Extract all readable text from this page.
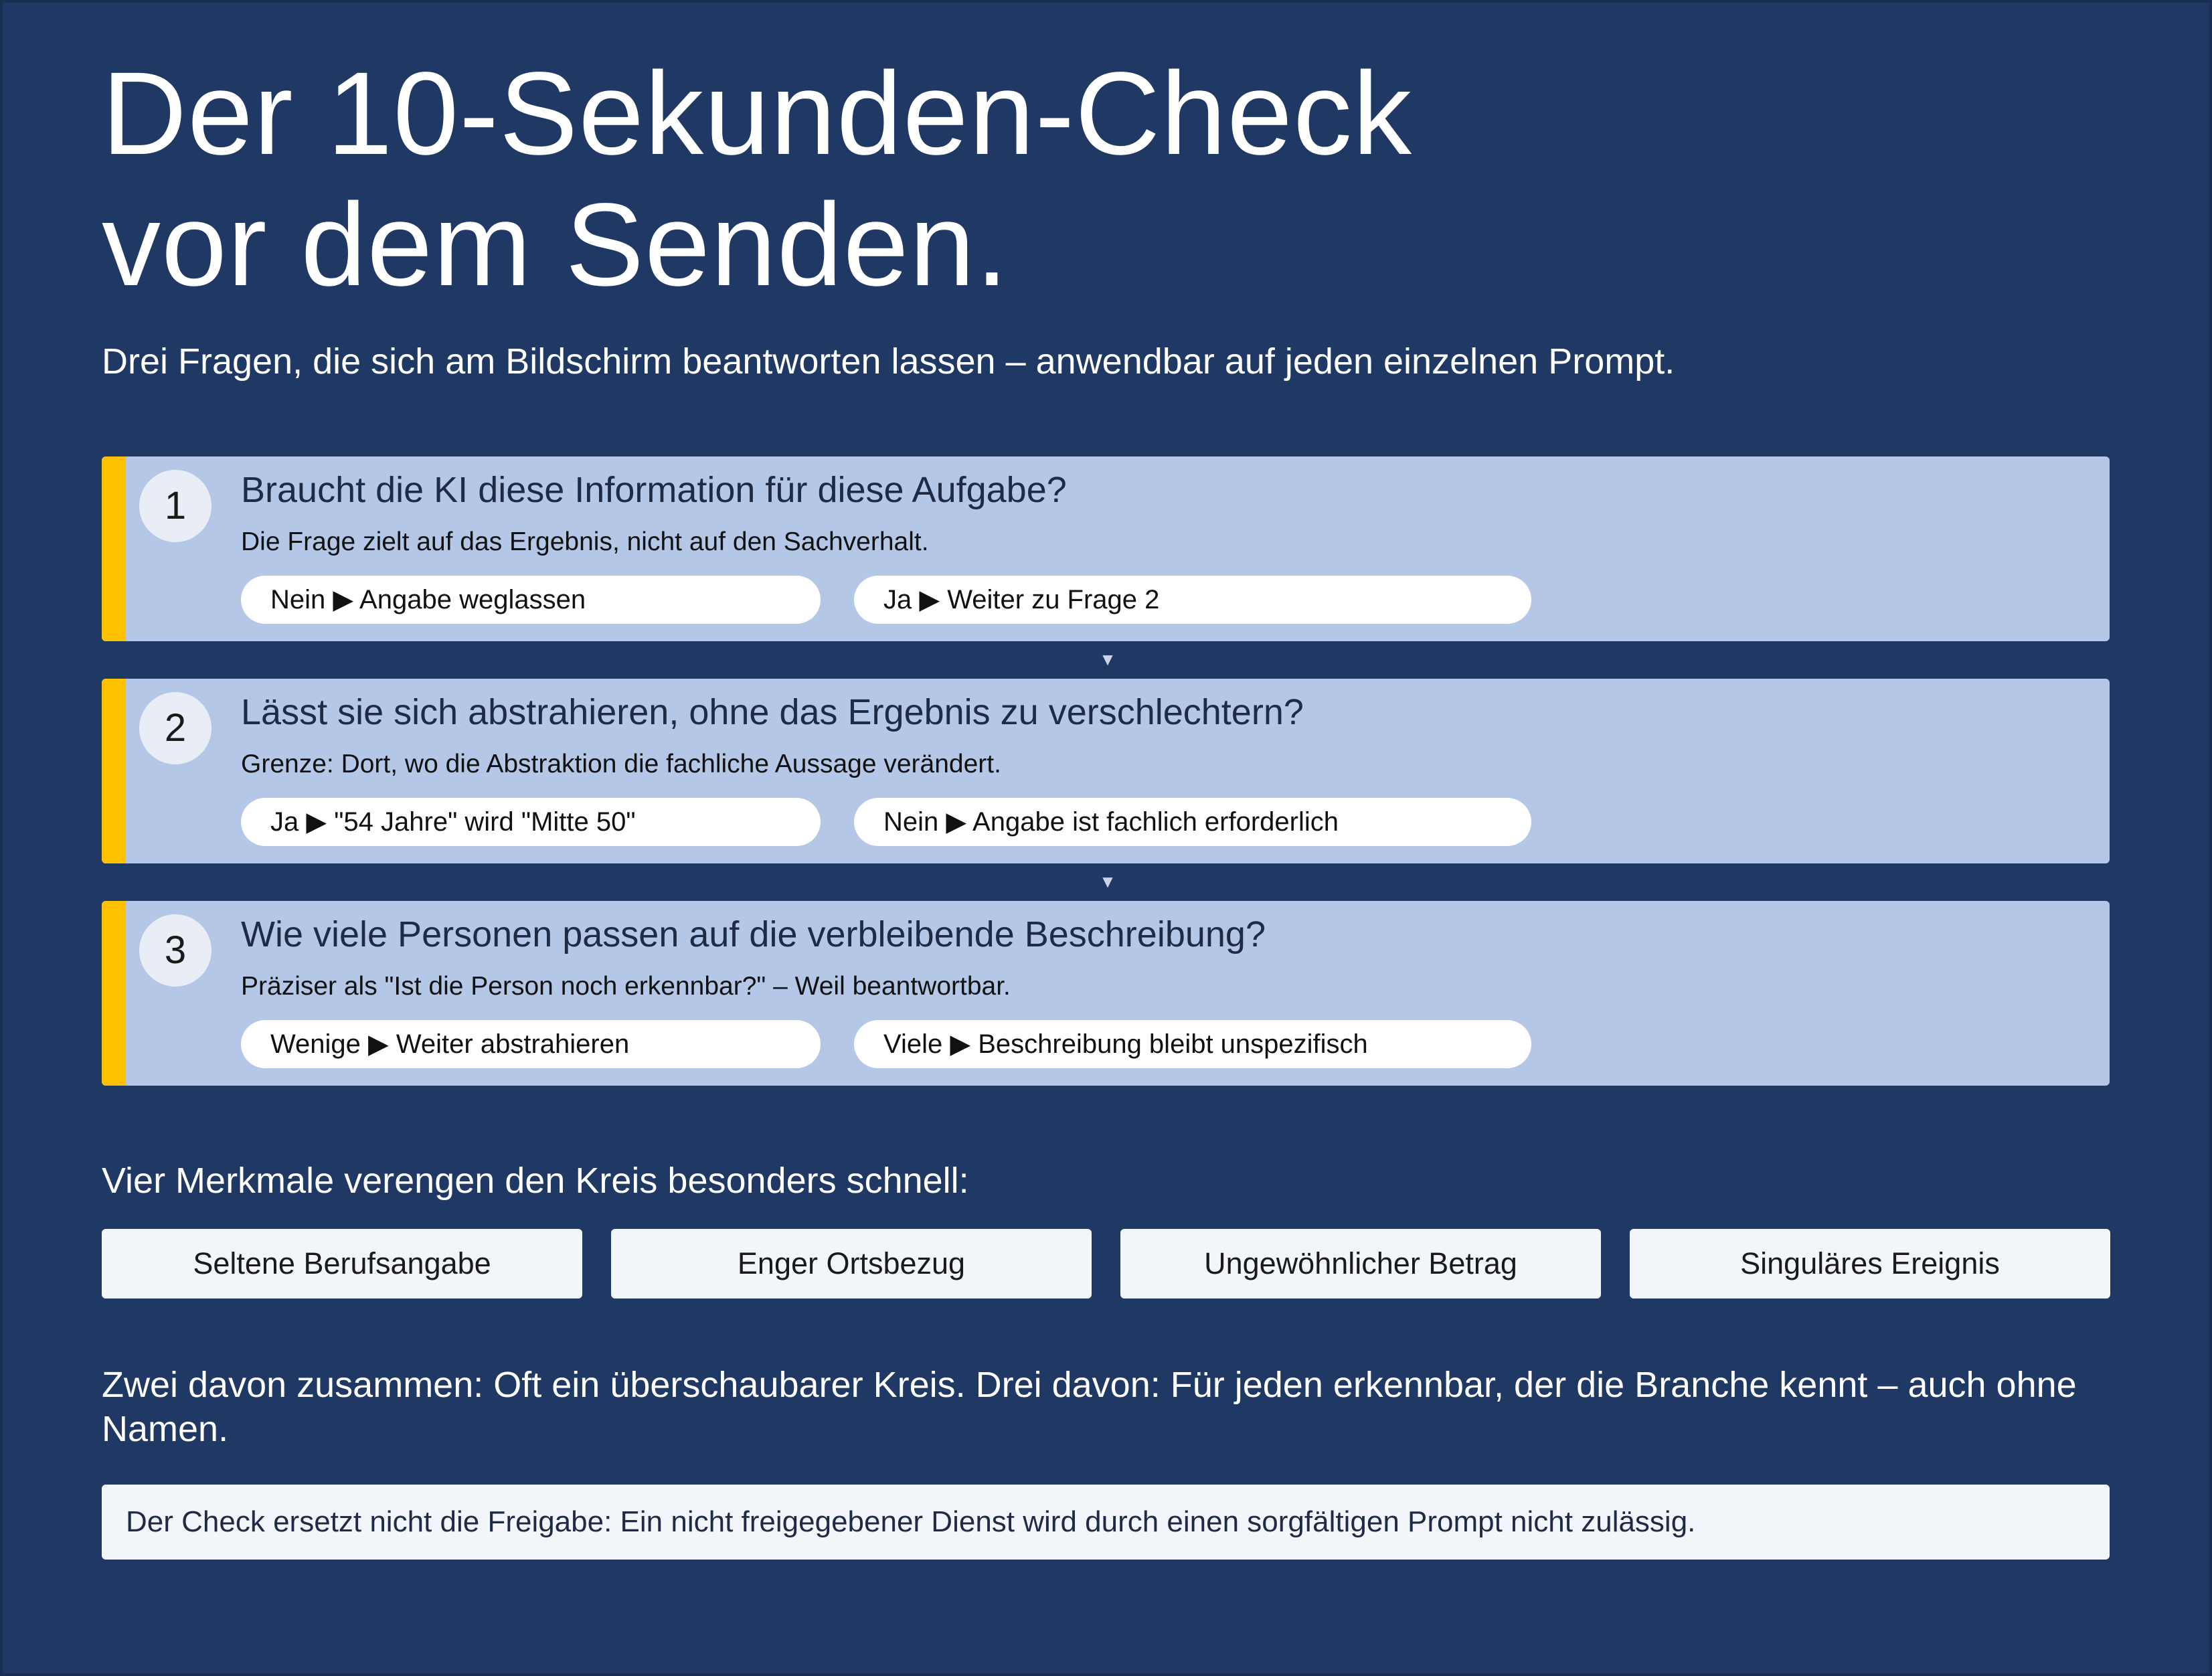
Der 10-Sekunden-Check
vor dem Senden.

Drei Fragen, die sich am Bildschirm beantworten lassen – anwendbar auf jeden einzelnen Prompt.

1	Braucht die KI diese Information für diese Aufgabe?
Die Frage zielt auf das Ergebnis, nicht auf den Sachverhalt.
Nein ▶ Angabe weglassen	Ja ▶ Weiter zu Frage 2
▼
2	Lässt sie sich abstrahieren, ohne das Ergebnis zu verschlechtern?
Grenze: Dort, wo die Abstraktion die fachliche Aussage verändert.
Ja ▶ "54 Jahre" wird "Mitte 50"	Nein ▶ Angabe ist fachlich erforderlich
▼
3	Wie viele Personen passen auf die verbleibende Beschreibung?
Präziser als "Ist die Person noch erkennbar?" – Weil beantwortbar.
Wenige ▶ Weiter abstrahieren	Viele ▶ Beschreibung bleibt unspezifisch
Vier Merkmale verengen den Kreis besonders schnell:
Seltene Berufsangabe	Enger Ortsbezug	Ungewöhnlicher Betrag	Singuläres Ereignis

Zwei davon zusammen: Oft ein überschaubarer Kreis. Drei davon: Für jeden erkennbar, der die Branche kennt – auch ohne Namen.

Der Check ersetzt nicht die Freigabe: Ein nicht freigegebener Dienst wird durch einen sorgfältigen Prompt nicht zulässig.
